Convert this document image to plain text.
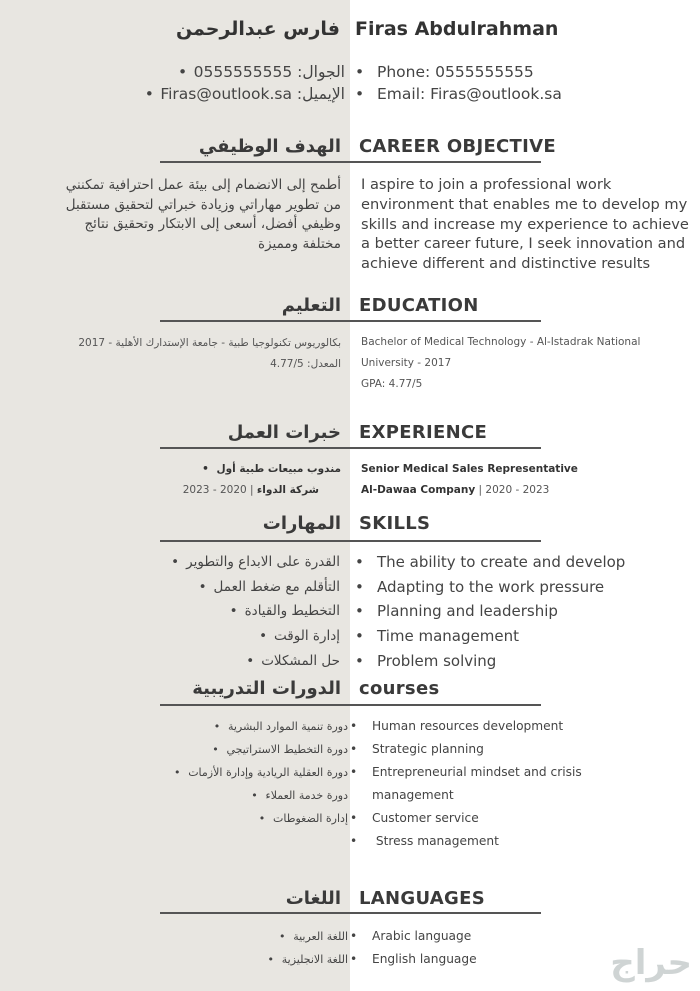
Firas Abdulrahman
فارس عبدالرحمن
• Phone: 0555555555
• Email: Firas@outlook.sa
الجوال: 0555555555 •
الإيميل: Firas@outlook.sa •
CAREER OBJECTIVE
الهدف الوظيفي
I aspire to join a professional work environment that enables me to develop my skills and increase my experience to achieve a better career future, I seek innovation and achieve different and distinctive results
أطمح إلى الانضمام إلى بيئة عمل احترافية تمكنني من تطوير مهاراتي وزيادة خبراتي لتحقيق مستقبل وظيفي أفضل، أسعى إلى الابتكار وتحقيق نتائج مختلفة ومميزة
EDUCATION
التعليم
Bachelor of Medical Technology - Al-Istadrak National University - 2017
GPA: 4.77/5
بكالوريوس تكنولوجيا طبية - جامعة الإستدارك الأهلية - 2017
المعدل: 4.77/5
EXPERIENCE
خبرات العمل
Senior Medical Sales Representative
Al-Dawaa Company | 2020 - 2023
مندوب مبيعات طبية أول •
شركة الدواء | 2020 - 2023
SKILLS
المهارات
• The ability to create and develop
• Adapting to the work pressure
• Planning and leadership
• Time management
• Problem solving
القدرة على الابداع والتطوير •
التأقلم مع ضغط العمل •
التخطيط والقيادة •
إدارة الوقت •
حل المشكلات •
courses
الدورات التدريبية
• Human resources development
• Strategic planning
•
Entrepreneurial mindset and crisis management
• Customer service
• Stress management
دورة تنمية الموارد البشرية •
دورة التخطيط الاستراتيجي •
دورة العقلية الريادية وإدارة الأزمات •
دورة خدمة العملاء •
إدارة الضغوطات •
LANGUAGES
اللغات
• Arabic language
• English language
اللغة العربية •
اللغة الانجليزية •	حراج
